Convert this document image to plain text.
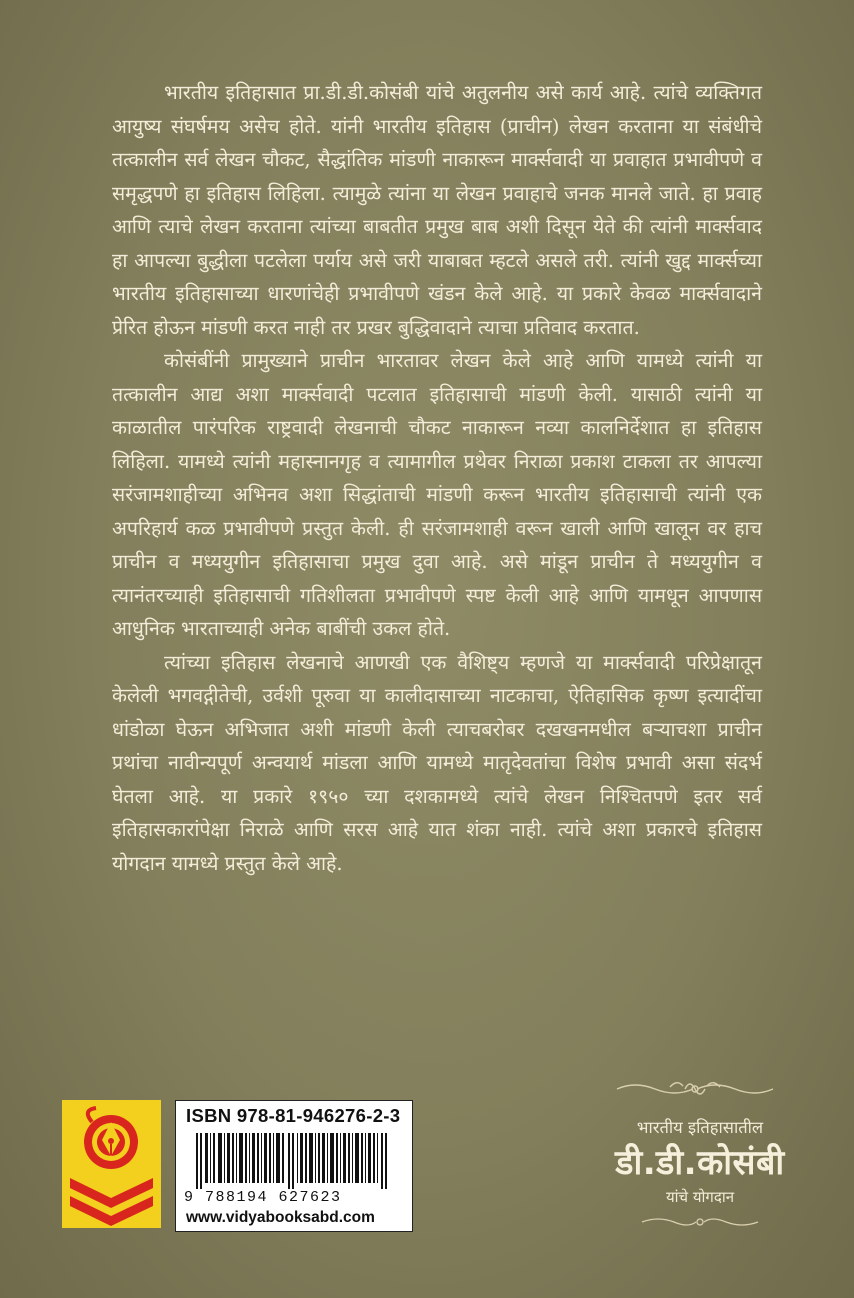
भारतीय इतिहासात प्रा.डी.डी.कोसंबी यांचे अतुलनीय असे कार्य आहे. त्यांचे व्यक्तिगत आयुष्य संघर्षमय असेच होते. यांनी भारतीय इतिहास (प्राचीन) लेखन करताना या संबंधीचे तत्कालीन सर्व लेखन चौकट, सैद्धांतिक मांडणी नाकारून मार्क्सवादी या प्रवाहात प्रभावीपणे व समृद्धपणे हा इतिहास लिहिला. त्यामुळे त्यांना या लेखन प्रवाहाचे जनक मानले जाते. हा प्रवाह आणि त्याचे लेखन करताना त्यांच्या बाबतीत प्रमुख बाब अशी दिसून येते की त्यांनी मार्क्सवाद हा आपल्या बुद्धीला पटलेला पर्याय असे जरी याबाबत म्हटले असले तरी. त्यांनी खुद्द मार्क्सच्या भारतीय इतिहासाच्या धारणांचेही प्रभावीपणे खंडन केले आहे. या प्रकारे केवळ मार्क्सवादाने प्रेरित होऊन मांडणी करत नाही तर प्रखर बुद्धिवादाने त्याचा प्रतिवाद करतात.

कोसंबींनी प्रामुख्याने प्राचीन भारतावर लेखन केले आहे आणि यामध्ये त्यांनी या तत्कालीन आद्य अशा मार्क्सवादी पटलात इतिहासाची मांडणी केली. यासाठी त्यांनी या काळातील पारंपरिक राष्ट्रवादी लेखनाची चौकट नाकारून नव्या कालनिर्देशात हा इतिहास लिहिला. यामध्ये त्यांनी महास्नानगृह व त्यामागील प्रथेवर निराळा प्रकाश टाकला तर आपल्या सरंजामशाहीच्या अभिनव अशा सिद्धांताची मांडणी करून भारतीय इतिहासाची त्यांनी एक अपरिहार्य कळ प्रभावीपणे प्रस्तुत केली. ही सरंजामशाही वरून खाली आणि खालून वर हाच प्राचीन व मध्ययुगीन इतिहासाचा प्रमुख दुवा आहे. असे मांडून प्राचीन ते मध्ययुगीन व त्यानंतरच्याही इतिहासाची गतिशीलता प्रभावीपणे स्पष्ट केली आहे आणि यामधून आपणास आधुनिक भारताच्याही अनेक बाबींची उकल होते.

त्यांच्या इतिहास लेखनाचे आणखी एक वैशिष्ट्य म्हणजे या मार्क्सवादी परिप्रेक्षातून केलेली भगवद्गीतेची, उर्वशी पूरुवा या कालीदासाच्या नाटकाचा, ऐतिहासिक कृष्ण इत्यादींचा धांडोळा घेऊन अभिजात अशी मांडणी केली त्याचबरोबर दखखनमधील बऱ्याचशा प्राचीन प्रथांचा नावीन्यपूर्ण अन्वयार्थ मांडला आणि यामध्ये मातृदेवतांचा विशेष प्रभावी असा संदर्भ घेतला आहे. या प्रकारे १९५० च्या दशकामध्ये त्यांचे लेखन निश्चितपणे इतर सर्व इतिहासकारांपेक्षा निराळे आणि सरस आहे यात शंका नाही. त्यांचे अशा प्रकारचे इतिहास योगदान यामध्ये प्रस्तुत केले आहे.

ISBN 978-81-946276-2-3
9 788194 627623
www.vidyabooksabd.com
भारतीय इतिहासातील
डी.डी.कोसंबी
यांचे योगदान
